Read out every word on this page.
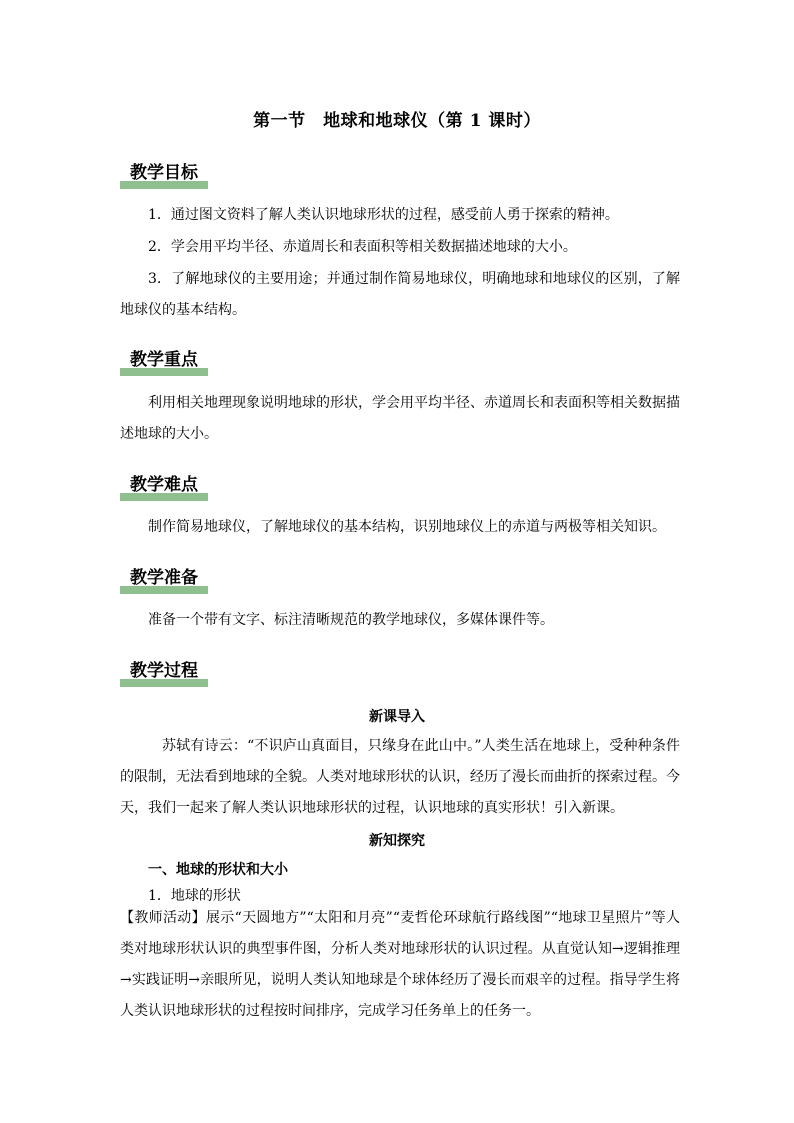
第一节　地球和地球仪（第 1 课时）
教学目标
1．通过图文资料了解人类认识地球形状的过程，感受前人勇于探索的精神。
2．学会用平均半径、赤道周长和表面积等相关数据描述地球的大小。
3．了解地球仪的主要用途；并通过制作简易地球仪，明确地球和地球仪的区别，了解地球仪的基本结构。
教学重点
利用相关地理现象说明地球的形状，学会用平均半径、赤道周长和表面积等相关数据描述地球的大小。
教学难点
制作简易地球仪，了解地球仪的基本结构，识别地球仪上的赤道与两极等相关知识。
教学准备
准备一个带有文字、标注清晰规范的教学地球仪，多媒体课件等。
教学过程
新课导入
苏轼有诗云：“不识庐山真面目，只缘身在此山中。”人类生活在地球上，受种种条件的限制，无法看到地球的全貌。人类对地球形状的认识，经历了漫长而曲折的探索过程。今天，我们一起来了解人类认识地球形状的过程，认识地球的真实形状！引入新课。
新知探究
一、地球的形状和大小
1．地球的形状
【教师活动】展示“天圆地方”“太阳和月亮”“麦哲伦环球航行路线图”“地球卫星照片”等人类对地球形状认识的典型事件图，分析人类对地球形状的认识过程。从直觉认知→逻辑推理→实践证明→亲眼所见，说明人类认知地球是个球体经历了漫长而艰辛的过程。指导学生将人类认识地球形状的过程按时间排序，完成学习任务单上的任务一。
